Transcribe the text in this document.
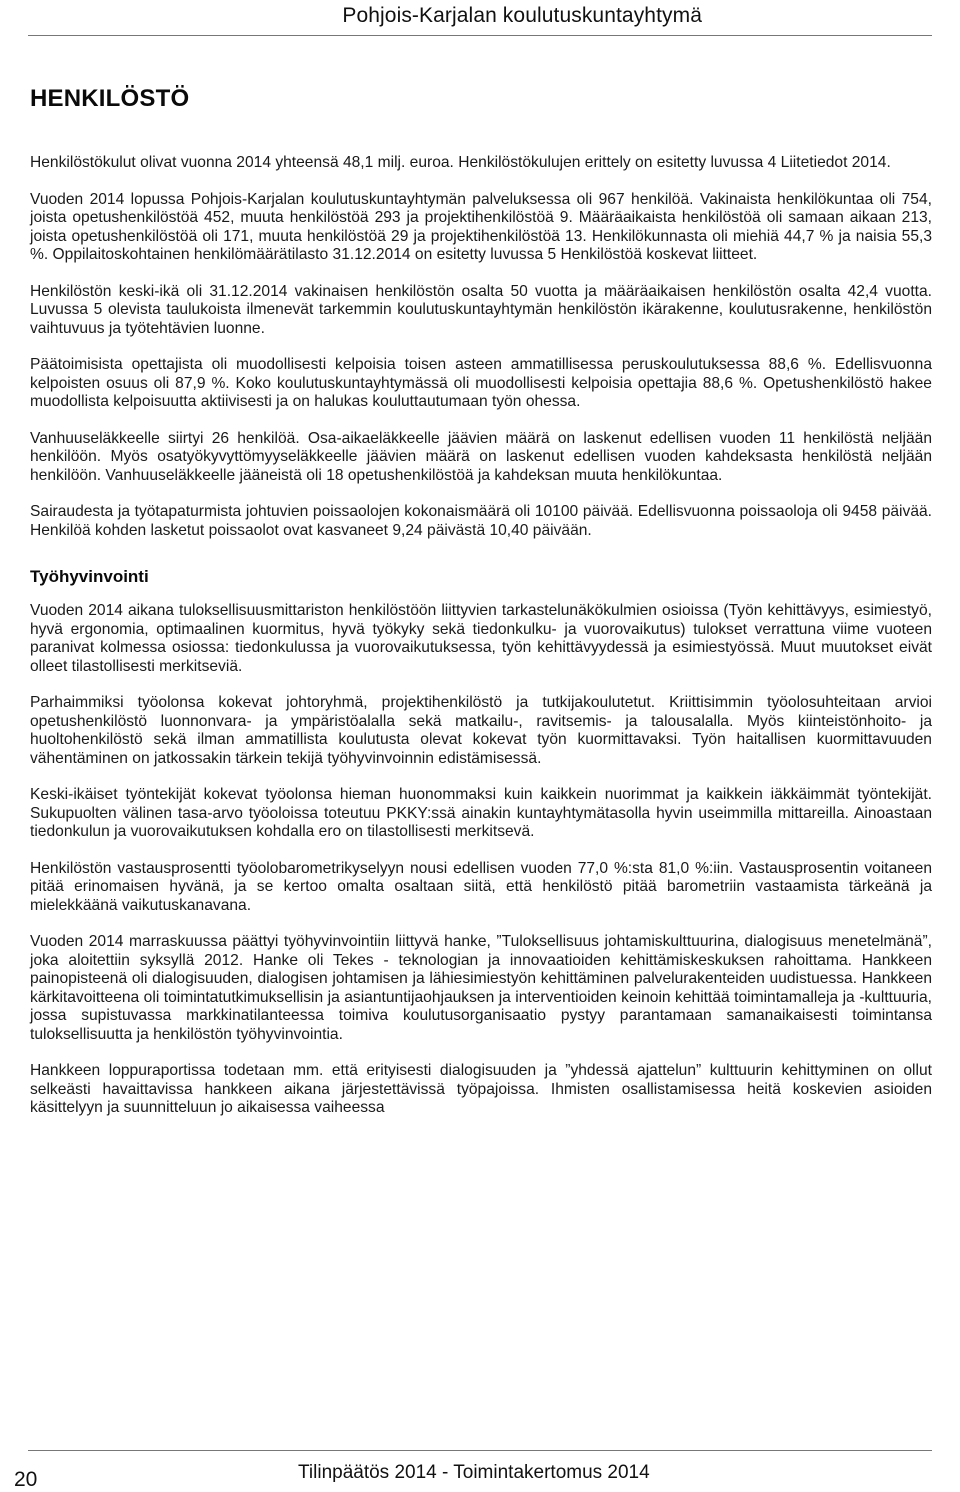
Pohjois-Karjalan koulutuskuntayhtymä
HENKILÖSTÖ

Henkilöstökulut olivat vuonna 2014 yhteensä 48,1 milj. euroa. Henkilöstökulujen erittely on esitetty luvussa 4 Liitetiedot 2014.

Vuoden 2014 lopussa Pohjois-Karjalan koulutuskuntayhtymän palveluksessa oli 967 henkilöä. Vakinaista henkilökuntaa oli 754, joista opetushenkilöstöä 452, muuta henkilöstöä 293 ja projektihenkilöstöä 9. Määräaikaista henkilöstöä oli samaan aikaan 213, joista opetushenkilöstöä oli 171, muuta henkilöstöä 29 ja projektihenkilöstöä 13. Henkilökunnasta oli miehiä 44,7 % ja naisia 55,3 %. Oppilaitoskohtainen henkilömäärätilasto 31.12.2014 on esitetty luvussa 5 Henkilöstöä koskevat liitteet.

Henkilöstön keski-ikä oli 31.12.2014 vakinaisen henkilöstön osalta 50 vuotta ja määräaikaisen henkilöstön osalta 42,4 vuotta. Luvussa 5 olevista taulukoista ilmenevät tarkemmin koulutuskuntayhtymän henkilöstön ikärakenne, koulutusrakenne, henkilöstön vaihtuvuus ja työtehtävien luonne.

Päätoimisista opettajista oli muodollisesti kelpoisia toisen asteen ammatillisessa peruskoulutuksessa 88,6 %. Edellisvuonna kelpoisten osuus oli 87,9 %. Koko koulutuskuntayhtymässä oli muodollisesti kelpoisia opettajia 88,6 %. Opetushenkilöstö hakee muodollista kelpoisuutta aktiivisesti ja on halukas kouluttautumaan työn ohessa.

Vanhuuseläkkeelle siirtyi 26 henkilöä. Osa-aikaeläkkeelle jäävien määrä on laskenut edellisen vuoden 11 henkilöstä neljään henkilöön. Myös osatyökyvyttömyyseläkkeelle jäävien määrä on laskenut edellisen vuoden kahdeksasta henkilöstä neljään henkilöön. Vanhuuseläkkeelle jääneistä oli 18 opetushenkilöstöä ja kahdeksan muuta henkilökuntaa.

Sairaudesta ja työtapaturmista johtuvien poissaolojen kokonaismäärä oli 10100 päivää. Edellisvuonna poissaoloja oli 9458 päivää. Henkilöä kohden lasketut poissaolot ovat kasvaneet 9,24 päivästä 10,40 päivään.

Työhyvinvointi

Vuoden 2014 aikana tuloksellisuusmittariston henkilöstöön liittyvien tarkastelunäkökulmien osioissa (Työn kehittävyys, esimiestyö, hyvä ergonomia, optimaalinen kuormitus, hyvä työkyky sekä tiedonkulku- ja vuorovaikutus) tulokset verrattuna viime vuoteen paranivat kolmessa osiossa: tiedonkulussa ja vuorovaikutuksessa, työn kehittävyydessä ja esimiestyössä. Muut muutokset eivät olleet tilastollisesti merkitseviä.

Parhaimmiksi työolonsa kokevat johtoryhmä, projektihenkilöstö ja tutkijakoulutetut. Kriittisimmin työolosuhteitaan arvioi opetushenkilöstö luonnonvara- ja ympäristöalalla sekä matkailu-, ravitsemis- ja talousalalla. Myös kiinteistönhoito- ja huoltohenkilöstö sekä ilman ammatillista koulutusta olevat kokevat työn kuormittavaksi. Työn haitallisen kuormittavuuden vähentäminen on jatkossakin tärkein tekijä työhyvinvoinnin edistämisessä.

Keski-ikäiset työntekijät kokevat työolonsa hieman huonommaksi kuin kaikkein nuorimmat ja kaikkein iäkkäimmät työntekijät. Sukupuolten välinen tasa-arvo työoloissa toteutuu PKKY:ssä ainakin kuntayhtymätasolla hyvin useimmilla mittareilla. Ainoastaan tiedonkulun ja vuorovaikutuksen kohdalla ero on tilastollisesti merkitsevä.

Henkilöstön vastausprosentti työolobarometrikyselyyn nousi edellisen vuoden 77,0 %:sta 81,0 %:iin. Vastausprosentin voitaneen pitää erinomaisen hyvänä, ja se kertoo omalta osaltaan siitä, että henkilöstö pitää barometriin vastaamista tärkeänä ja mielekkäänä vaikutuskanavana.

Vuoden 2014 marraskuussa päättyi työhyvinvointiin liittyvä hanke, ”Tuloksellisuus johtamiskulttuurina, dialogisuus menetelmänä”, joka aloitettiin syksyllä 2012. Hanke oli Tekes - teknologian ja innovaatioiden kehittämiskeskuksen rahoittama. Hankkeen painopisteenä oli dialogisuuden, dialogisen johtamisen ja lähiesimiestyön kehittäminen palvelurakenteiden uudistuessa. Hankkeen kärkitavoitteena oli toimintatutkimuksellisin ja asiantuntijaohjauksen ja interventioiden keinoin kehittää toimintamalleja ja -kulttuuria, jossa supistuvassa markkinatilanteessa toimiva koulutusorganisaatio pystyy parantamaan samanaikaisesti toimintansa tuloksellisuutta ja henkilöstön työhyvinvointia.

Hankkeen loppuraportissa todetaan mm. että erityisesti dialogisuuden ja ”yhdessä ajattelun” kulttuurin kehittyminen on ollut selkeästi havaittavissa hankkeen aikana järjestettävissä työpajoissa. Ihmisten osallistamisessa heitä koskevien asioiden käsittelyyn ja suunnitteluun jo aikaisessa vaiheessa

20	Tilinpäätös 2014 - Toimintakertomus 2014
